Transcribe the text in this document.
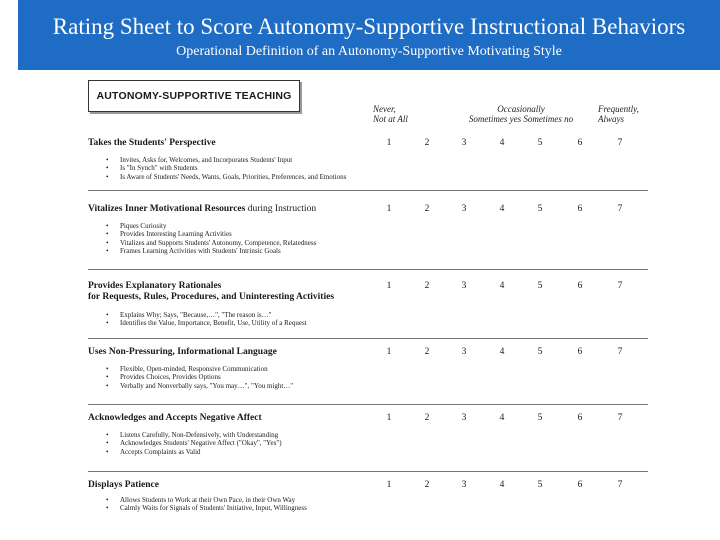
Rating Sheet to Score Autonomy-Supportive Instructional Behaviors
Operational Definition of an Autonomy-Supportive Motivating Style
AUTONOMY-SUPPORTIVE TEACHING
Never,
Not at All
Occasionally
Sometimes yes Sometimes no
Frequently,
Always
Takes the Students' Perspective	1	2	3	4	5	6	7
• Invites, Asks for, Welcomes, and Incorporates Students' Input
• Is "In Synch" with Students
• Is Aware of Students' Needs, Wants, Goals, Priorities, Preferences, and Emotions
Vitalizes Inner Motivational Resources during Instruction	1	2	3	4	5	6	7
• Piques Curiosity
• Provides Interesting Learning Activities
• Vitalizes and Supports Students' Autonomy, Competence, Relatedness
• Frames Learning Activities with Students' Intrinsic Goals
Provides Explanatory Rationales
for Requests, Rules, Procedures, and Uninteresting Activities
1	2	3	4	5	6	7
• Explains Why; Says, "Because,…", "The reason is…"
• Identifies the Value, Importance, Benefit, Use, Utility of a Request
Uses Non-Pressuring, Informational Language	1	2	3	4	5	6	7
• Flexible, Open-minded, Responsive Communication
• Provides Choices, Provides Options
• Verbally and Nonverbally says, "You may…", "You might…"
Acknowledges and Accepts Negative Affect	1	2	3	4	5	6	7
• Listens Carefully, Non-Defensively, with Understanding
• Acknowledges Students' Negative Affect ("Okay", "Yes")
• Accepts Complaints as Valid
Displays Patience	1	2	3	4	5	6	7
• Allows Students to Work at their Own Pace, in their Own Way
• Calmly Waits for Signals of Students' Initiative, Input, Willingness
